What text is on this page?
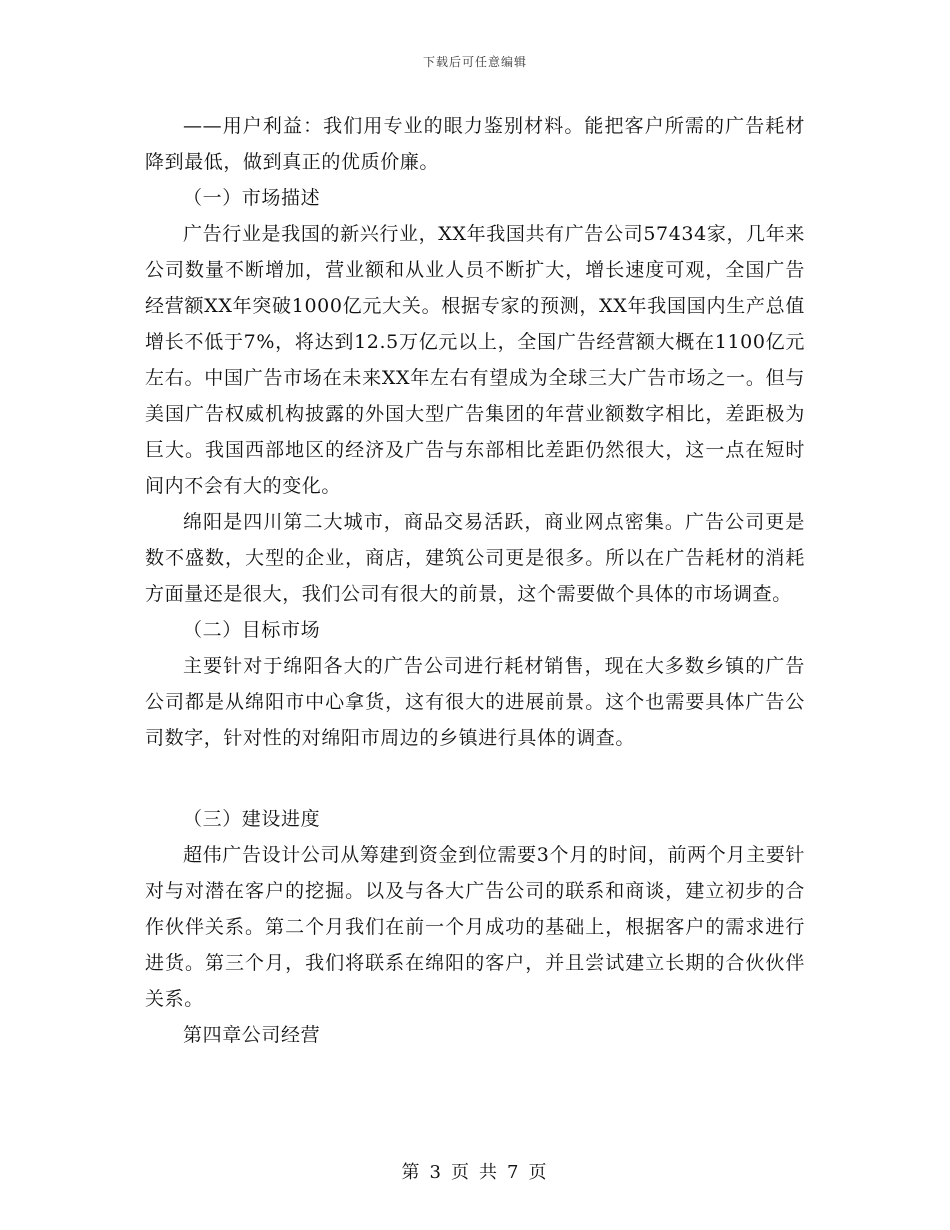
下载后可任意编辑

——用户利益：我们用专业的眼力鉴别材料。能把客户所需的广告耗材降到最低，做到真正的优质价廉。

（一）市场描述

广告行业是我国的新兴行业，XX年我国共有广告公司57434家，几年来公司数量不断增加，营业额和从业人员不断扩大，增长速度可观，全国广告经营额XX年突破1000亿元大关。根据专家的预测，XX年我国国内生产总值增长不低于7%，将达到12.5万亿元以上，全国广告经营额大概在1100亿元左右。中国广告市场在未来XX年左右有望成为全球三大广告市场之一。但与美国广告权威机构披露的外国大型广告集团的年营业额数字相比，差距极为巨大。我国西部地区的经济及广告与东部相比差距仍然很大，这一点在短时间内不会有大的变化。

绵阳是四川第二大城市，商品交易活跃，商业网点密集。广告公司更是数不盛数，大型的企业，商店，建筑公司更是很多。所以在广告耗材的消耗方面量还是很大，我们公司有很大的前景，这个需要做个具体的市场调查。

（二）目标市场

主要针对于绵阳各大的广告公司进行耗材销售，现在大多数乡镇的广告公司都是从绵阳市中心拿货，这有很大的进展前景。这个也需要具体广告公司数字，针对性的对绵阳市周边的乡镇进行具体的调查。

（三）建设进度

超伟广告设计公司从筹建到资金到位需要3个月的时间，前两个月主要针对与对潜在客户的挖掘。以及与各大广告公司的联系和商谈，建立初步的合作伙伴关系。第二个月我们在前一个月成功的基础上，根据客户的需求进行进货。第三个月，我们将联系在绵阳的客户，并且尝试建立长期的合伙伙伴关系。

第四章公司经营

第 3 页 共 7 页
